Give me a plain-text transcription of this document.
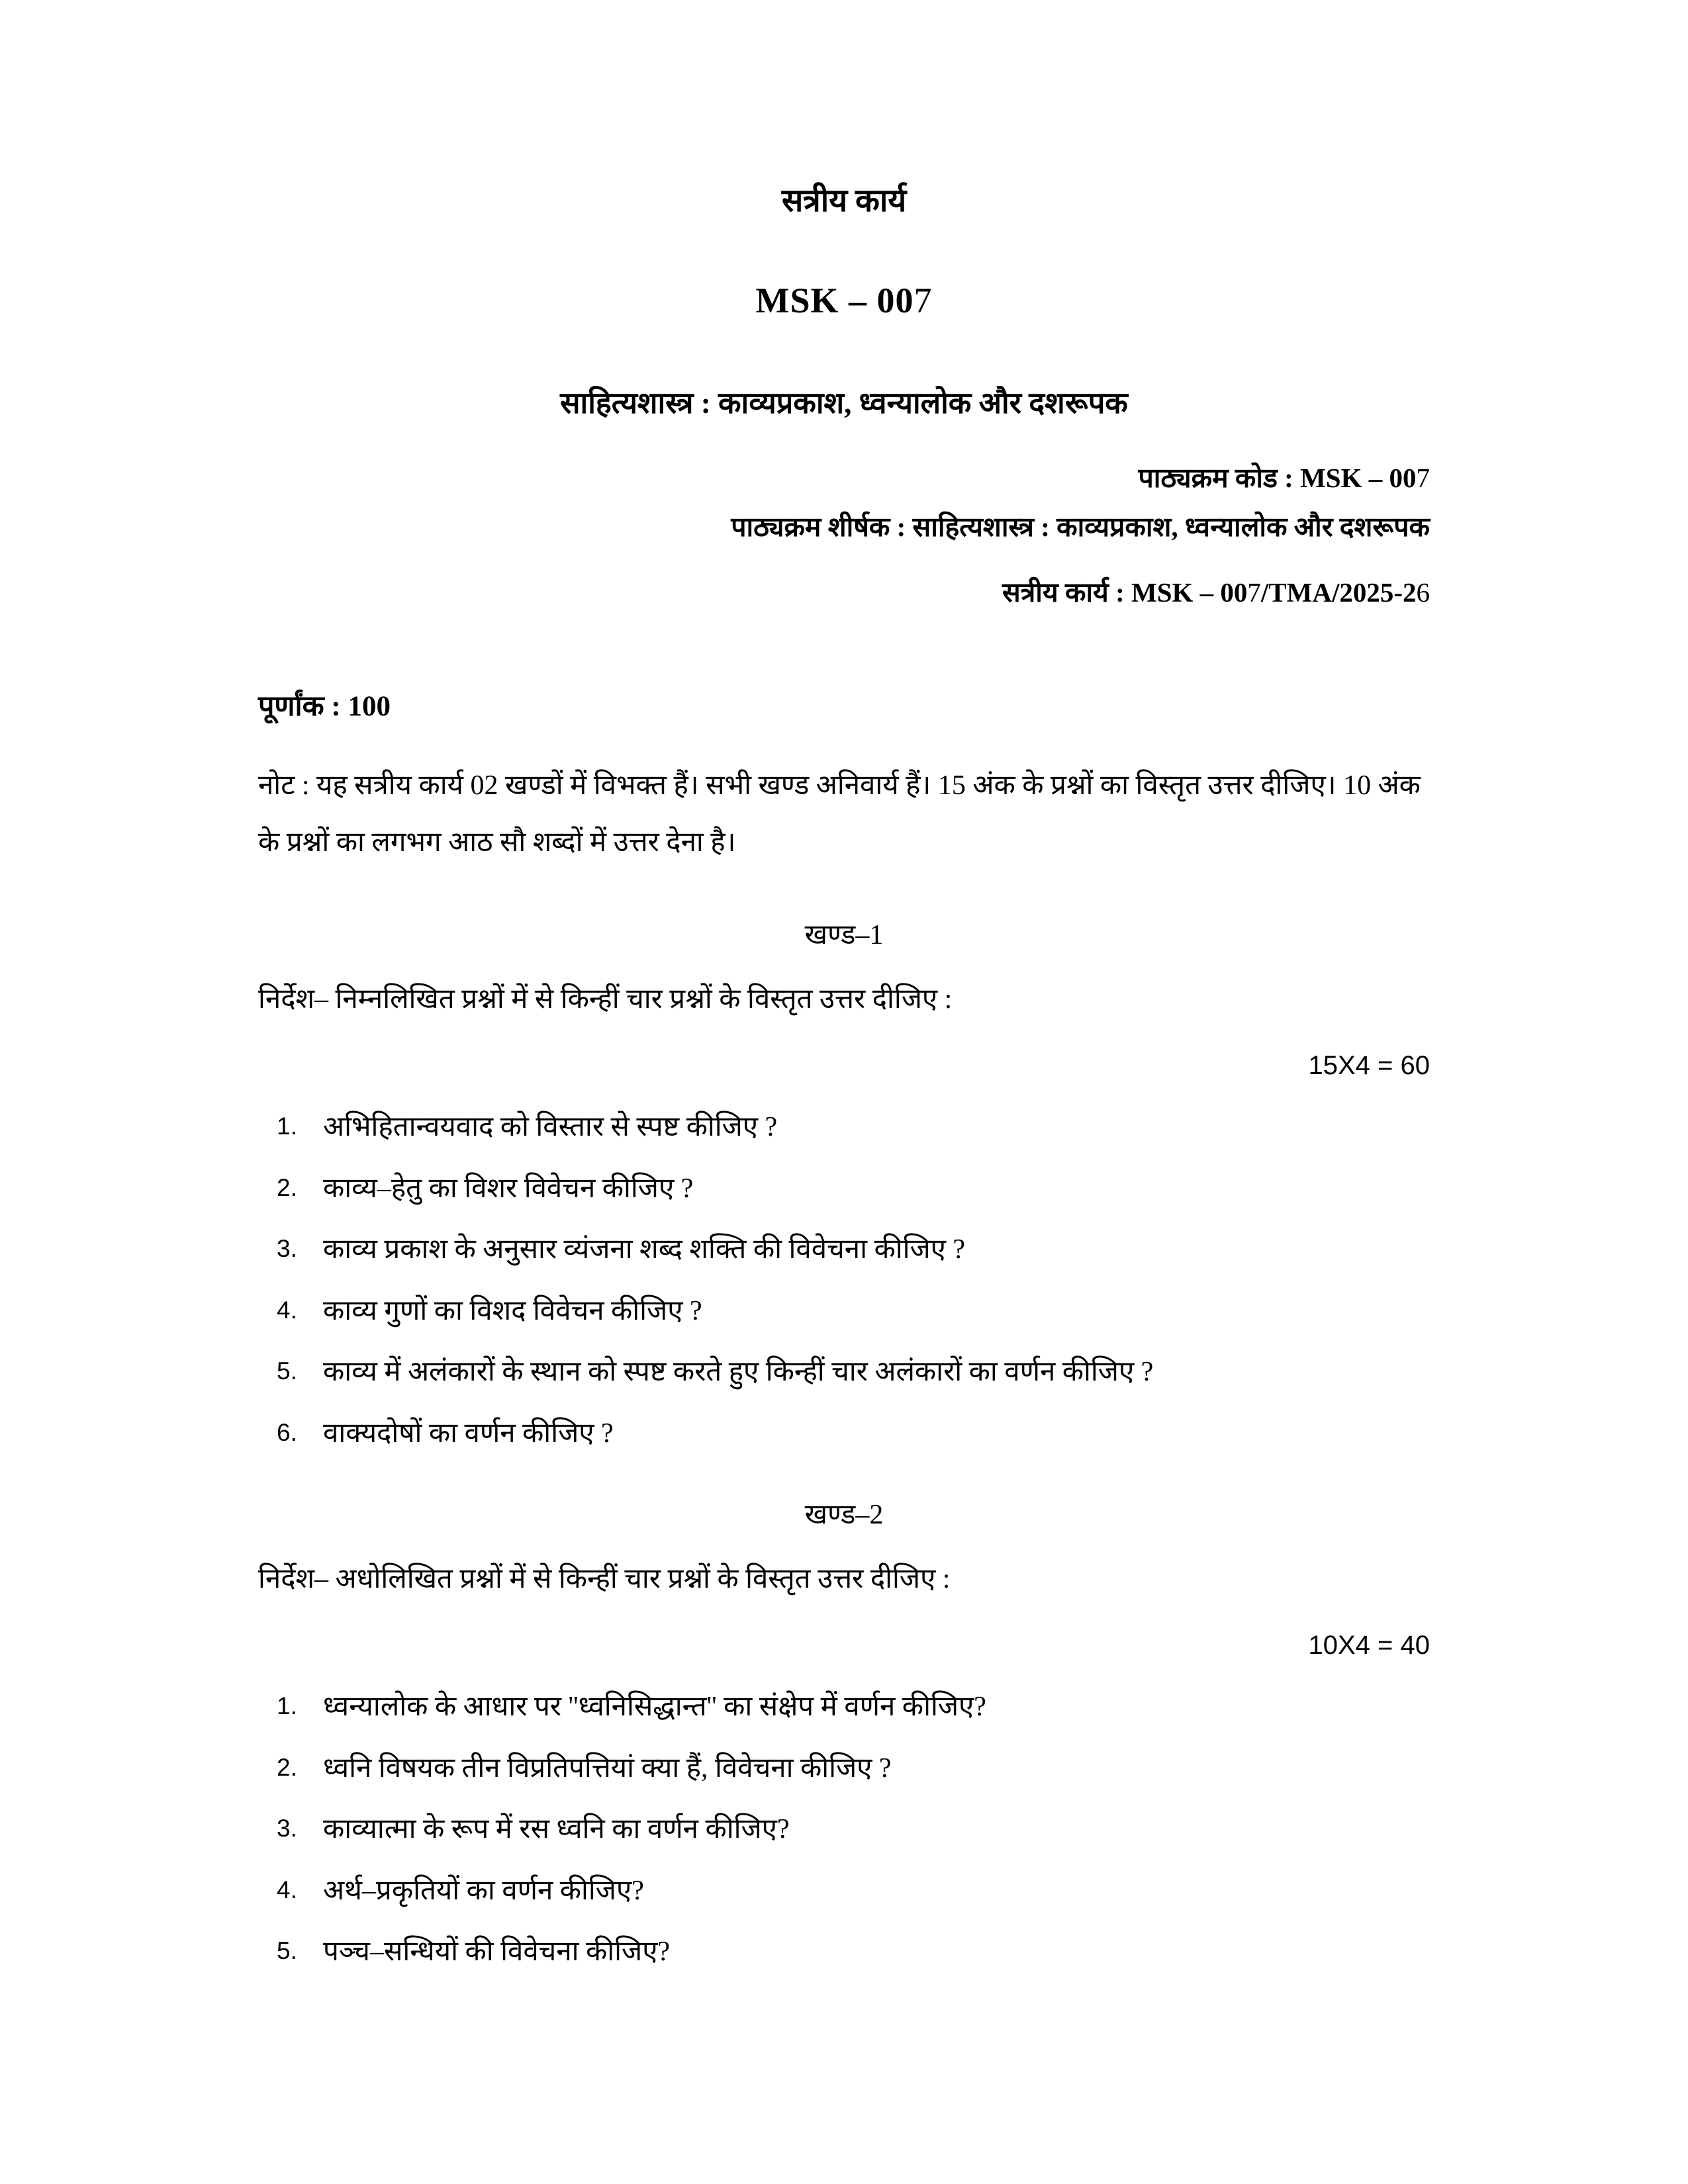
सत्रीय कार्य
MSK – 007
साहित्यशास्त्र : काव्यप्रकाश, ध्वन्यालोक और दशरूपक
पाठ्यक्रम कोड : MSK – 007
पाठ्यक्रम शीर्षक : साहित्यशास्त्र : काव्यप्रकाश, ध्वन्यालोक और दशरूपक
सत्रीय कार्य : MSK – 007/TMA/2025-26
पूर्णांक : 100
नोट : यह सत्रीय कार्य 02 खण्डों में विभक्त हैं। सभी खण्ड अनिवार्य हैं। 15 अंक के प्रश्नों का विस्तृत उत्तर दीजिए। 10 अंक के प्रश्नों का लगभग आठ सौ शब्दों में उत्तर देना है।
खण्ड–1
निर्देश– निम्नलिखित प्रश्नों में से किन्हीं चार प्रश्नों के विस्तृत उत्तर दीजिए :
15X4 = 60
1. अभिहितान्वयवाद को विस्तार से स्पष्ट कीजिए ?
2. काव्य–हेतु का विशर विवेचन कीजिए ?
3. काव्य प्रकाश के अनुसार व्यंजना शब्द शक्ति की विवेचना कीजिए ?
4. काव्य गुणों का विशद विवेचन कीजिए ?
5. काव्य में अलंकारों के स्थान को स्पष्ट करते हुए किन्हीं चार अलंकारों का वर्णन कीजिए ?
6. वाक्यदोषों का वर्णन कीजिए ?
खण्ड–2
निर्देश– अधोलिखित प्रश्नों में से किन्हीं चार प्रश्नों के विस्तृत उत्तर दीजिए :
10X4 = 40
1. ध्वन्यालोक के आधार पर ''ध्वनिसिद्धान्त'' का संक्षेप में वर्णन कीजिए?
2. ध्वनि विषयक तीन विप्रतिपत्तियां क्या हैं, विवेचना कीजिए ?
3. काव्यात्मा के रूप में रस ध्वनि का वर्णन कीजिए?
4. अर्थ–प्रकृतियों का वर्णन कीजिए?
5. पञ्च–सन्धियों की विवेचना कीजिए?
